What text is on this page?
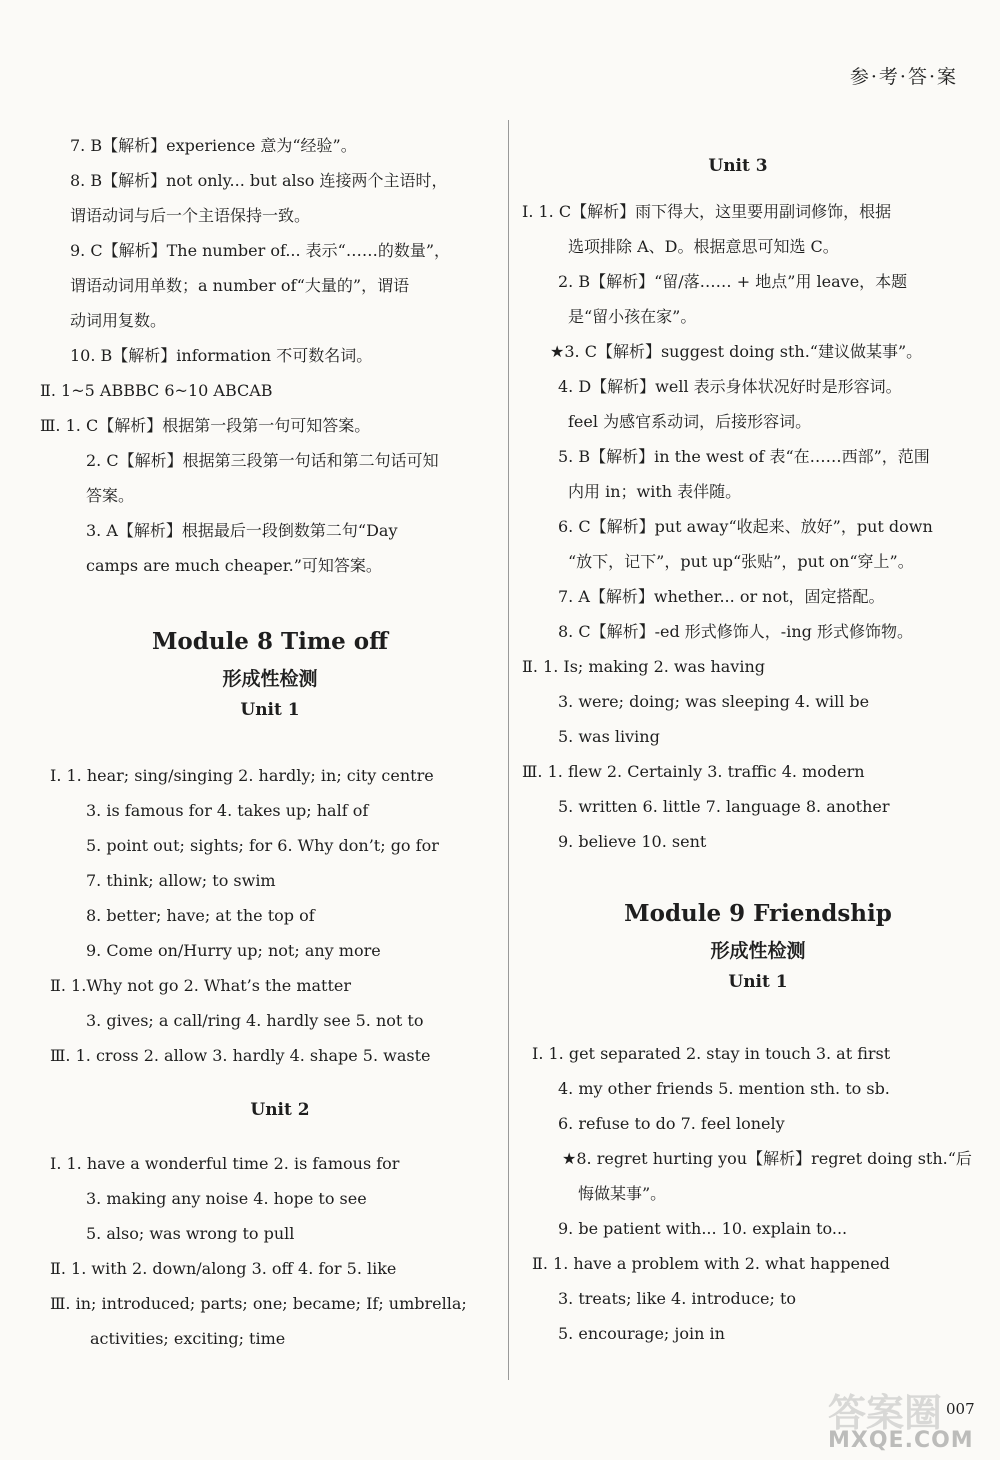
参·考·答·案
7. B【解析】experience 意为“经验”。
8. B【解析】not only... but also 连接两个主语时，
谓语动词与后一个主语保持一致。
9. C【解析】The number of... 表示“……的数量”，
谓语动词用单数；a number of“大量的”，谓语
动词用复数。
10. B【解析】information 不可数名词。
Ⅱ. 1~5 ABBBC 6~10 ABCAB
Ⅲ. 1. C【解析】根据第一段第一句可知答案。
2. C【解析】根据第三段第一句话和第二句话可知
答案。
3. A【解析】根据最后一段倒数第二句“Day
camps are much cheaper.”可知答案。
Module 8 Time off
形成性检测
Unit 1
Ⅰ. 1. hear; sing/singing 2. hardly; in; city centre
3. is famous for 4. takes up; half of
5. point out; sights; for 6. Why don’t; go for
7. think; allow; to swim
8. better; have; at the top of
9. Come on/Hurry up; not; any more
Ⅱ. 1.Why not go 2. What’s the matter
3. gives; a call/ring 4. hardly see 5. not to
Ⅲ. 1. cross 2. allow 3. hardly 4. shape 5. waste
Unit 2
Ⅰ. 1. have a wonderful time 2. is famous for
3. making any noise 4. hope to see
5. also; was wrong to pull
Ⅱ. 1. with 2. down/along 3. off 4. for 5. like
Ⅲ. in; introduced; parts; one; became; If; umbrella;
activities; exciting; time
Unit 3
Ⅰ. 1. C【解析】雨下得大，这里要用副词修饰，根据
选项排除 A、D。根据意思可知选 C。
2. B【解析】“留/落…… + 地点”用 leave，本题
是“留小孩在家”。
★3. C【解析】suggest doing sth.“建议做某事”。
4. D【解析】well 表示身体状况好时是形容词。
feel 为感官系动词，后接形容词。
5. B【解析】in the west of 表“在……西部”，范围
内用 in；with 表伴随。
6. C【解析】put away“收起来、放好”，put down
“放下，记下”，put up“张贴”，put on“穿上”。
7. A【解析】whether... or not，固定搭配。
8. C【解析】-ed 形式修饰人，-ing 形式修饰物。
Ⅱ. 1. Is; making 2. was having
3. were; doing; was sleeping 4. will be
5. was living
Ⅲ. 1. flew 2. Certainly 3. traffic 4. modern
5. written 6. little 7. language 8. another
9. believe 10. sent
Module 9 Friendship
形成性检测
Unit 1
Ⅰ. 1. get separated 2. stay in touch 3. at first
4. my other friends 5. mention sth. to sb.
6. refuse to do 7. feel lonely
★8. regret hurting you【解析】regret doing sth.“后
悔做某事”。
9. be patient with... 10. explain to...
Ⅱ. 1. have a problem with 2. what happened
3. treats; like 4. introduce; to
5. encourage; join in
007
答案圈
MXQE.COM
